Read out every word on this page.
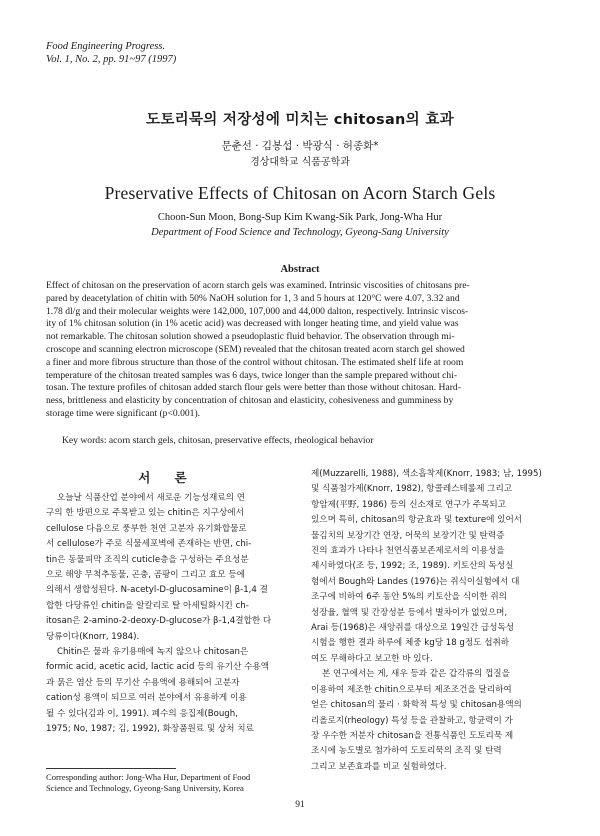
Food Engineering Progress.
Vol. 1, No. 2, pp. 91~97 (1997)
도토리묵의 저장성에 미치는 chitosan의 효과
문춘선 · 김봉섭 · 박광식 · 허종화*
경상대학교 식품공학과
Preservative Effects of Chitosan on Acorn Starch Gels
Choon-Sun Moon, Bong-Sup Kim Kwang-Sik Park, Jong-Wha Hur
Department of Food Science and Technology, Gyeong-Sang University
Abstract
Effect of chitosan on the preservation of acorn starch gels was examined. Intrinsic viscosities of chitosans pre-
pared by deacetylation of chitin with 50% NaOH solution for 1, 3 and 5 hours at 120°C were 4.07, 3.32 and
1.78 dl/g and their molecular weights were 142,000, 107,000 and 44,000 dalton, respectively. Intrinsic viscos-
ity of 1% chitosan solution (in 1% acetic acid) was decreased with longer heating time, and yield value was
not remarkable. The chitosan solution showed a pseudoplastic fluid behavior. The observation through mi-
croscope and scanning electron microscope (SEM) revealed that the chitosan treated acorn starch gel showed
a finer and more fibrous structure than those of the control without chitosan. The estimated shelf life at room
temperature of the chitosan treated samples was 6 days, twice longer than the sample prepared without chi-
tosan. The texture profiles of chitosan added starch flour gels were better than those without chitosan. Hard-
ness, brittleness and elasticity by concentration of chitosan and elasticity, cohesiveness and gumminess by
storage time were significant (p<0.001).
Key words: acorn starch gels, chitosan, preservative effects, rheological behavior
서 론
오늘날 식품산업 분야에서 새로운 기능성재료의 연
구의 한 방편으로 주목받고 있는 chitin은 지구상에서
cellulose 다음으로 풍부한 천연 고분자 유기화합물로
서 cellulose가 주로 식물세포벽에 존재하는 반면, chi-
tin은 동물피막 조직의 cuticle층을 구성하는 주요성분
으로 해양 무척추동물, 곤충, 곰팡이 그리고 효모 등에
의해서 생합성된다. N-acetyl-D-glucosamine이 β-1,4 결
합한 다당류인 chitin을 알칼리로 탈 아세틸화시킨 ch-
itosan은 2-amino-2-deoxy-D-glucose가 β-1,4결합한 다
당류이다(Knorr, 1984).
Chitin은 물과 유기용매에 녹지 않으나 chitosan은
formic acid, acetic acid, lactic acid 등의 유기산 수용액
과 묽은 염산 등의 무기산 수용액에 용해되어 고분자
cation성 용액이 되므로 여러 분야에서 유용하게 이용
될 수 있다(김과 이, 1991). 폐수의 응집제(Bough,
1975; No, 1987; 김, 1992), 화장품원료 및 상처 치료
제(Muzzarelli, 1988), 색소흡착제(Knorr, 1983; 남, 1995)
및 식품첨가제(Knorr, 1982), 항콜레스테롤제 그리고
항암제(平野, 1986) 등의 신소재로 연구가 주목되고
있으며 특히, chitosan의 항균효과 및 texture에 있어서
물김치의 보장기간 연장, 어묵의 보장기간 및 탄력증
진의 효과가 나타나 천연식품보존제로서의 이용성을
제시하였다(조 등, 1992; 조, 1989). 키토산의 독성실
험에서 Bough와 Landes (1976)는 쥐식이실험에서 대
조구에 비하여 6주 동안 5%의 키토산을 식이한 쥐의
성장율, 혈액 및 간장성분 등에서 별차이가 없었으며,
Arai 등(1968)은 새앙쥐를 대상으로 19일간 급성독성
시험을 행한 결과 하루에 체중 kg당 18 g정도 섭취하
여도 무해하다고 보고한 바 있다.
본 연구에서는 게, 새우 등과 같은 갑각류의 껍질을
이용하여 제조한 chitin으로부터 제조조건을 달리하여
얻은 chitosan의 물리 · 화학적 특성 및 chitosan용액의
리올로지(rheology) 특성 등을 관찰하고, 항균력이 가
장 우수한 저분자 chitosan을 전통식품인 도토리묵 제
조시에 농도별로 첨가하여 도토리묵의 조직 및 탄력
그리고 보존효과를 비교 실험하였다.
Corresponding author: Jong-Wha Hur, Department of Food
Science and Technology, Gyeong-Sang University, Korea
91
